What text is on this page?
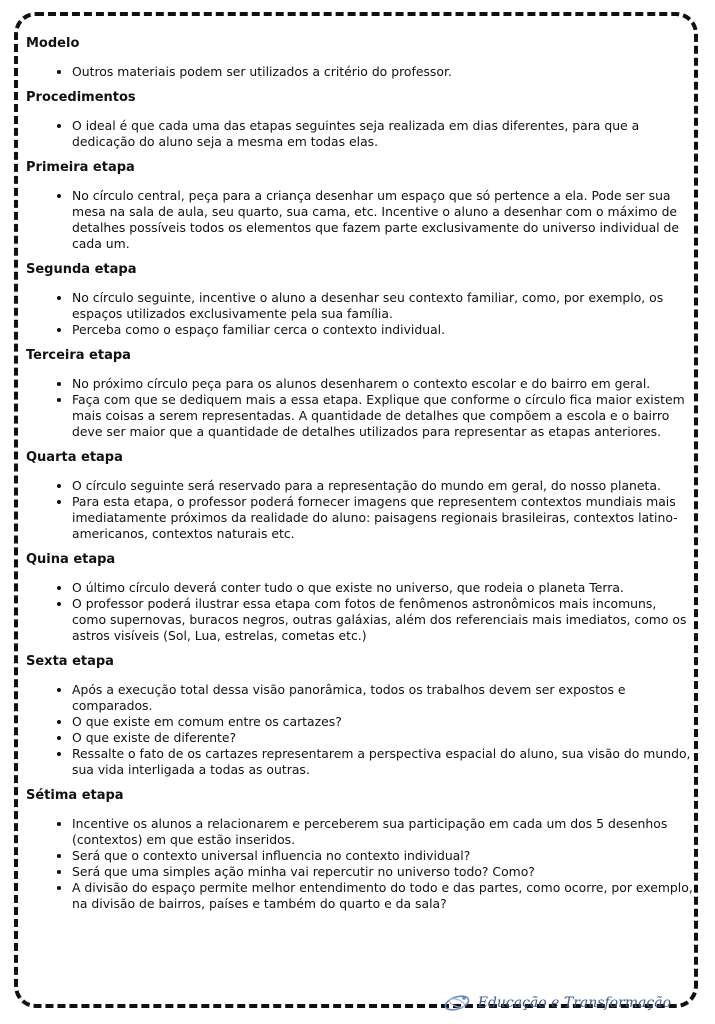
Modelo
• Outros materiais podem ser utilizados a critério do professor.
Procedimentos
• O ideal é que cada uma das etapas seguintes seja realizada em dias diferentes, para que a dedicação do aluno seja a mesma em todas elas.
Primeira etapa
• No círculo central, peça para a criança desenhar um espaço que só pertence a ela. Pode ser sua mesa na sala de aula, seu quarto, sua cama, etc. Incentive o aluno a desenhar com o máximo de detalhes possíveis todos os elementos que fazem parte exclusivamente do universo individual de cada um.
Segunda etapa
• No círculo seguinte, incentive o aluno a desenhar seu contexto familiar, como, por exemplo, os espaços utilizados exclusivamente pela sua família.
• Perceba como o espaço familiar cerca o contexto individual.
Terceira etapa
• No próximo círculo peça para os alunos desenharem o contexto escolar e do bairro em geral.
• Faça com que se dediquem mais a essa etapa. Explique que conforme o círculo fica maior existem mais coisas a serem representadas. A quantidade de detalhes que compõem a escola e o bairro deve ser maior que a quantidade de detalhes utilizados para representar as etapas anteriores.
Quarta etapa
• O círculo seguinte será reservado para a representação do mundo em geral, do nosso planeta.
• Para esta etapa, o professor poderá fornecer imagens que representem contextos mundiais mais imediatamente próximos da realidade do aluno: paisagens regionais brasileiras, contextos latino-americanos, contextos naturais etc.
Quina etapa
• O último círculo deverá conter tudo o que existe no universo, que rodeia o planeta Terra.
• O professor poderá ilustrar essa etapa com fotos de fenômenos astronômicos mais incomuns, como supernovas, buracos negros, outras galáxias, além dos referenciais mais imediatos, como os astros visíveis (Sol, Lua, estrelas, cometas etc.)
Sexta etapa
• Após a execução total dessa visão panorâmica, todos os trabalhos devem ser expostos e comparados.
• O que existe em comum entre os cartazes?
• O que existe de diferente?
• Ressalte o fato de os cartazes representarem a perspectiva espacial do aluno, sua visão do mundo, sua vida interligada a todas as outras.
Sétima etapa
• Incentive os alunos a relacionarem e perceberem sua participação em cada um dos 5 desenhos (contextos) em que estão inseridos.
• Será que o contexto universal influencia no contexto individual?
• Será que uma simples ação minha vai repercutir no universo todo? Como?
• A divisão do espaço permite melhor entendimento do todo e das partes, como ocorre, por exemplo, na divisão de bairros, países e também do quarto e da sala?
Educação e Transformação
